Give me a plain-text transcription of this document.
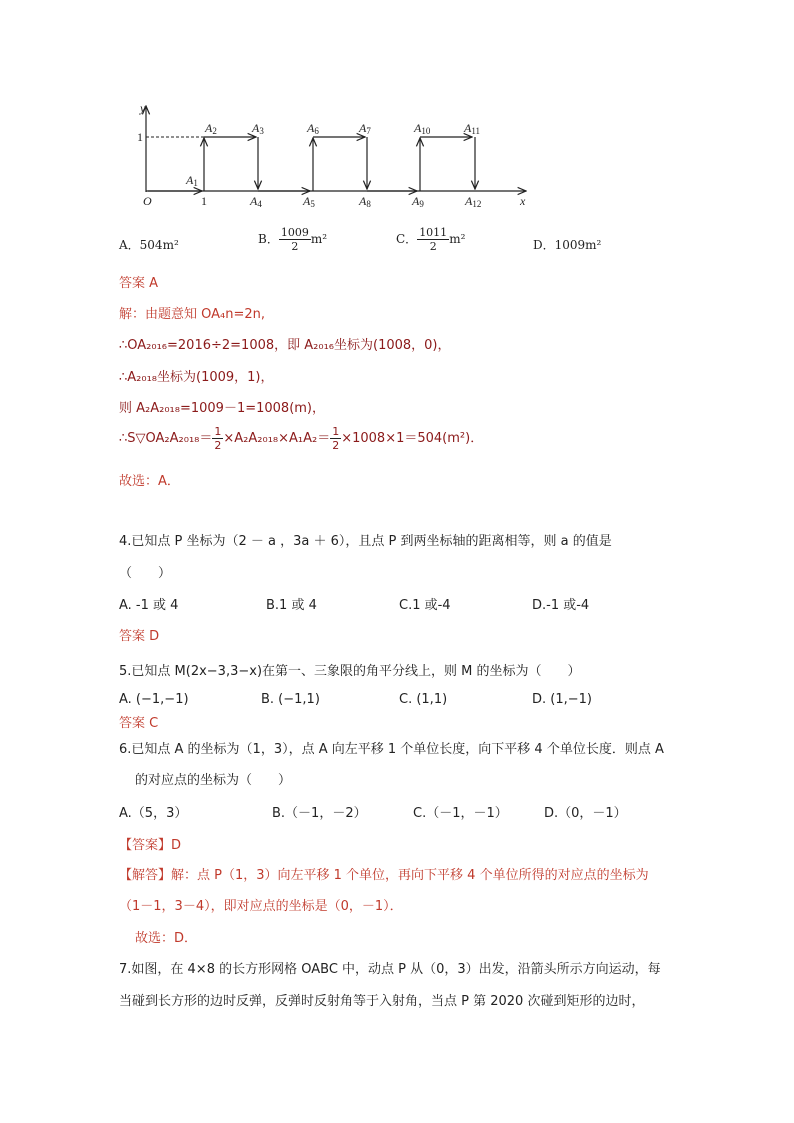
y
1
O	1	x
A1
A2	A3
A4	A5
A6	A7
A8	A9
A10	A11
A12
A．504m²	B． $\frac{1009}{2} m^2$	C． $\frac{1011}{2} m^2$	D．1009m²
答案 A
解：由题意知 OA₄n=2n,
∴OA₂₀₁₆=2016÷2=1008，即 A₂₀₁₆坐标为(1008，0)，
∴A₂₀₁₈坐标为(1009，1)，
则 A₂A₂₀₁₈=1009－1=1008(m)，
∴S▽OA₂A₂₀₁₈＝ $\frac{1}{2} \times A_2A_{2018}\times A_1A_2= \frac{1}{2} \times 1008\times 1=504(m^2)$．
故选：A．
4.已知点 P 坐标为（2 － a ，3a ＋ 6），且点 P 到两坐标轴的距离相等，则 a 的值是
（　　）
A. -1 或 4	B.1 或 4	C.1 或-4	D.-1 或-4
答案 D
5.已知点 M(2x−3,3−x)在第一、三象限的角平分线上，则 M 的坐标为（　　）
A. (−1,−1)	B. (−1,1)	C. (1,1)	D. (1,−1)
答案 C
6.已知点 A 的坐标为（1，3），点 A 向左平移 1 个单位长度，向下平移 4 个单位长度．则点 A
的对应点的坐标为（　　）
A.（5，3）	B.（－1，－2）	C.（－1，－1）	D.（0，－1）
【答案】D
【解答】解：点 P（1，3）向左平移 1 个单位，再向下平移 4 个单位所得的对应点的坐标为
（1－1，3－4），即对应点的坐标是（0，－1）．
故选：D．
7.如图，在 4×8 的长方形网格 OABC 中，动点 P 从（0，3）出发，沿箭头所示方向运动，每
当碰到长方形的边时反弹，反弹时反射角等于入射角，当点 P 第 2020 次碰到矩形的边时，
